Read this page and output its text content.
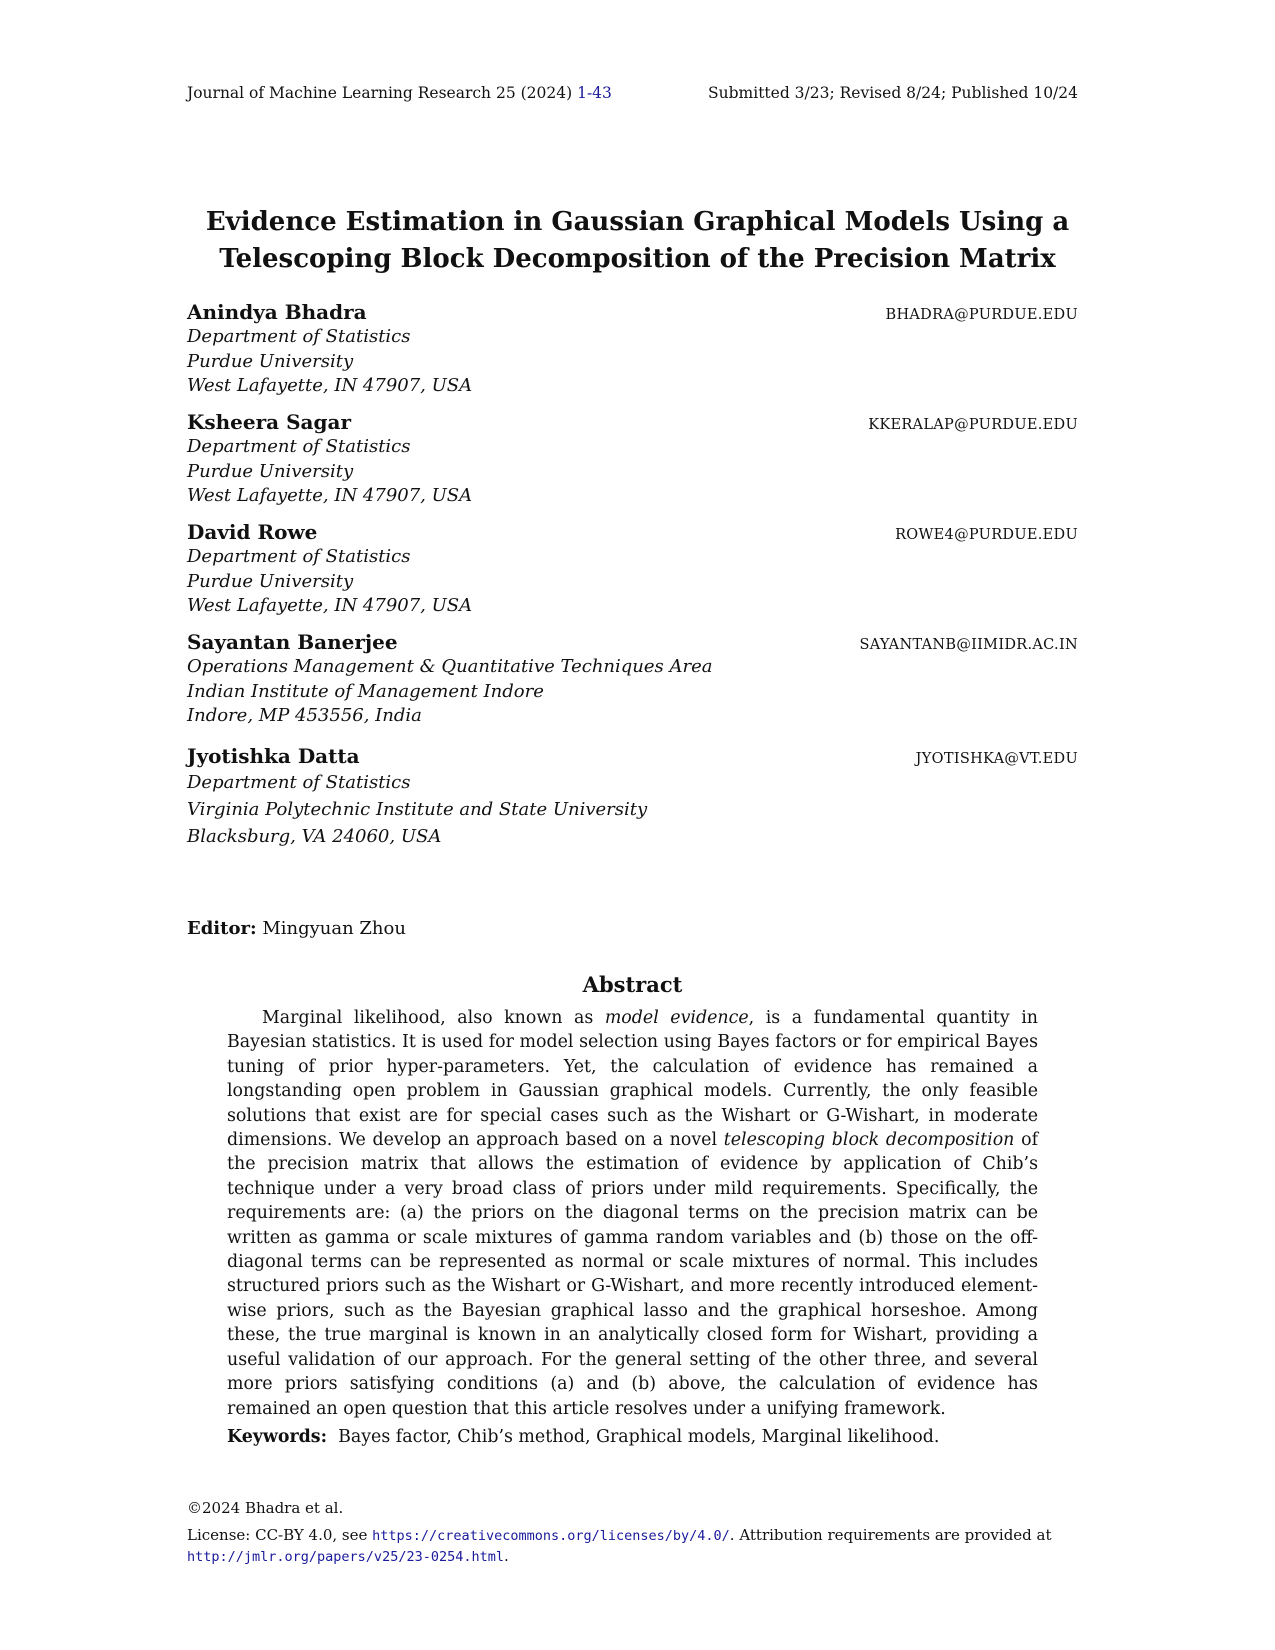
Journal of Machine Learning Research 25 (2024) 1-43	Submitted 3/23; Revised 8/24; Published 10/24
Evidence Estimation in Gaussian Graphical Models Using a
Telescoping Block Decomposition of the Precision Matrix
Anindya Bhadra	BHADRA@PURDUE.EDU
Department of Statistics
Purdue University
West Lafayette, IN 47907, USA
Ksheera Sagar	KKERALAP@PURDUE.EDU
Department of Statistics
Purdue University
West Lafayette, IN 47907, USA
David Rowe	ROWE4@PURDUE.EDU
Department of Statistics
Purdue University
West Lafayette, IN 47907, USA
Sayantan Banerjee	SAYANTANB@IIMIDR.AC.IN
Operations Management & Quantitative Techniques Area
Indian Institute of Management Indore
Indore, MP 453556, India
Jyotishka Datta	JYOTISHKA@VT.EDU
Department of Statistics
Virginia Polytechnic Institute and State University
Blacksburg, VA 24060, USA
Editor: Mingyuan Zhou
Abstract

Marginal likelihood, also known as model evidence, is a fundamental quantity in Bayesian statistics. It is used for model selection using Bayes factors or for empirical Bayes tuning of prior hyper-parameters. Yet, the calculation of evidence has remained a longstanding open problem in Gaussian graphical models. Currently, the only feasible solutions that exist are for special cases such as the Wishart or G-Wishart, in moderate dimensions. We develop an approach based on a novel telescoping block decomposition of the precision matrix that allows the estimation of evidence by application of Chib’s technique under a very broad class of priors under mild requirements. Specifically, the requirements are: (a) the priors on the diagonal terms on the precision matrix can be written as gamma or scale mixtures of gamma random variables and (b) those on the off-diagonal terms can be represented as normal or scale mixtures of normal. This includes structured priors such as the Wishart or G-Wishart, and more recently introduced element-wise priors, such as the Bayesian graphical lasso and the graphical horseshoe. Among these, the true marginal is known in an analytically closed form for Wishart, providing a useful validation of our approach. For the general setting of the other three, and several more priors satisfying conditions (a) and (b) above, the calculation of evidence has remained an open question that this article resolves under a unifying framework.

Keywords: Bayes factor, Chib’s method, Graphical models, Marginal likelihood.
©2024 Bhadra et al.
License: CC-BY 4.0, see https://creativecommons.org/licenses/by/4.0/. Attribution requirements are provided at http://jmlr.org/papers/v25/23-0254.html.
